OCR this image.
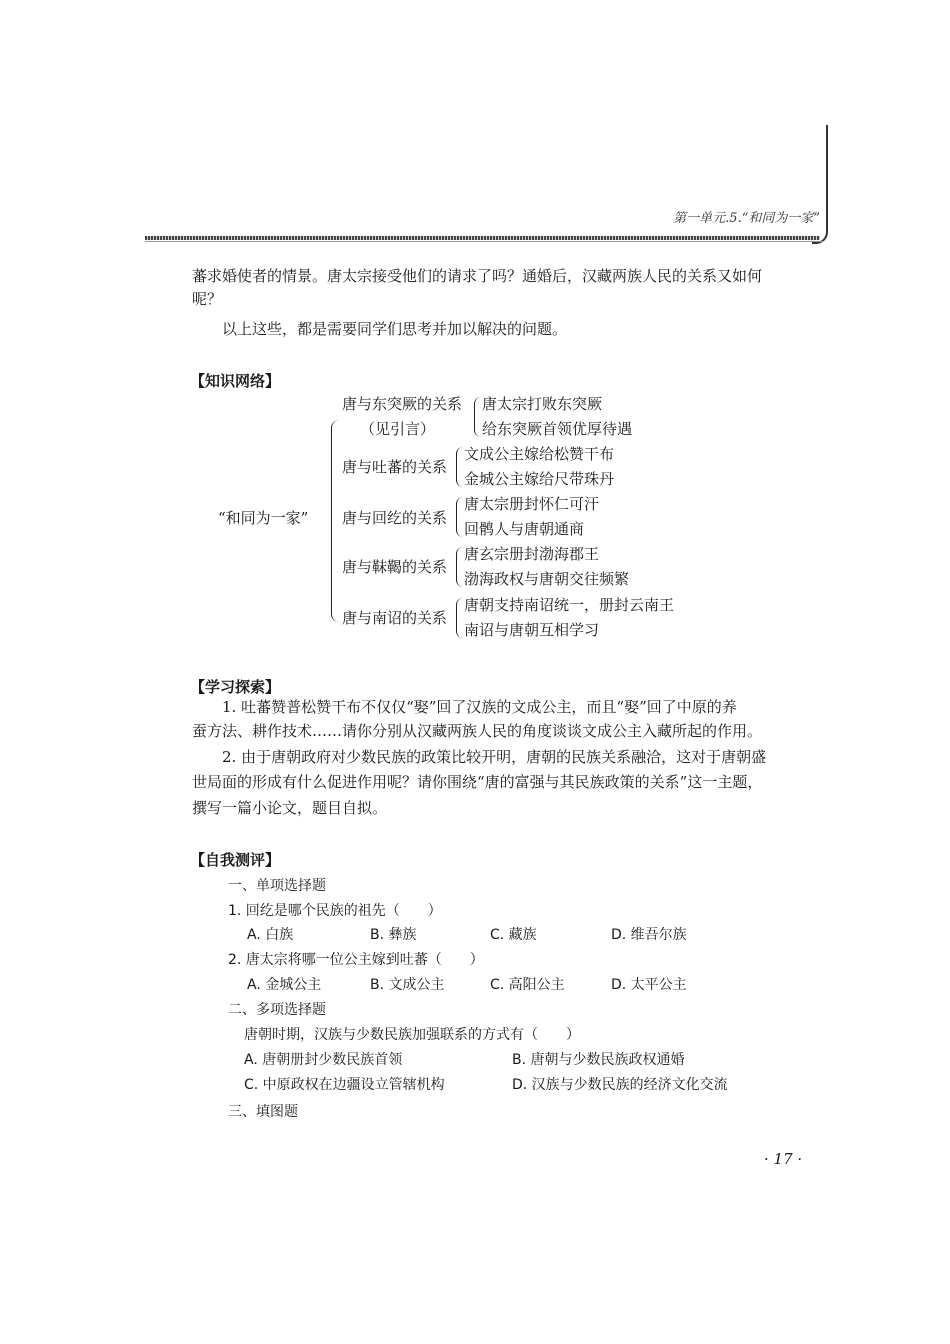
第一单元.5.“和同为一家”
蕃求婚使者的情景。唐太宗接受他们的请求了吗？通婚后，汉藏两族人民的关系又如何
呢？
以上这些，都是需要同学们思考并加以解决的问题。
【知识网络】
“和同为一家”
唐与东突厥的关系
（见引言）
唐太宗打败东突厥
给东突厥首领优厚待遇
唐与吐蕃的关系
文成公主嫁给松赞干布
金城公主嫁给尺带珠丹
唐与回纥的关系
唐太宗册封怀仁可汗
回鹘人与唐朝通商
唐与靺鞨的关系
唐玄宗册封渤海郡王
渤海政权与唐朝交往频繁
唐与南诏的关系
唐朝支持南诏统一，册封云南王
南诏与唐朝互相学习
【学习探索】
1. 吐蕃赞普松赞干布不仅仅“娶”回了汉族的文成公主，而且“娶”回了中原的养
蚕方法、耕作技术……请你分别从汉藏两族人民的角度谈谈文成公主入藏所起的作用。
2. 由于唐朝政府对少数民族的政策比较开明，唐朝的民族关系融洽，这对于唐朝盛
世局面的形成有什么促进作用呢？请你围绕“唐的富强与其民族政策的关系”这一主题，
撰写一篇小论文，题目自拟。
【自我测评】
一、单项选择题
1. 回纥是哪个民族的祖先（　　）
A. 白族	B. 彝族	C. 藏族	D. 维吾尔族
2. 唐太宗将哪一位公主嫁到吐蕃（　　）
A. 金城公主	B. 文成公主	C. 高阳公主	D. 太平公主
二、多项选择题
唐朝时期，汉族与少数民族加强联系的方式有（　　）
A. 唐朝册封少数民族首领	B. 唐朝与少数民族政权通婚
C. 中原政权在边疆设立管辖机构	D. 汉族与少数民族的经济文化交流
三、填图题
· 17 ·
